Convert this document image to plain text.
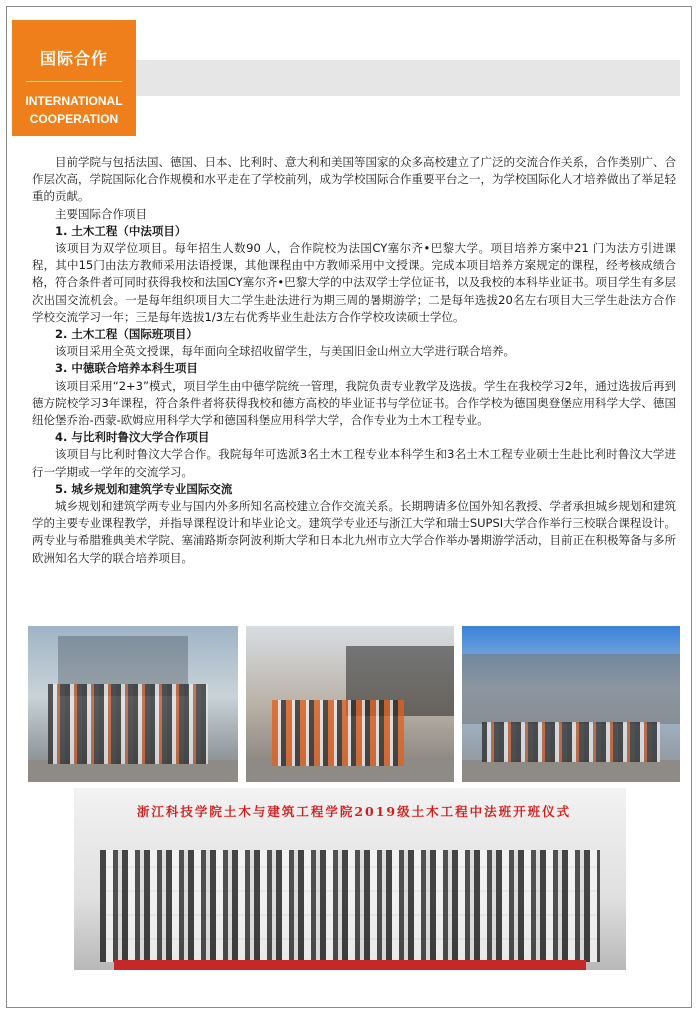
国际合作
INTERNATIONAL
COOPERATION

目前学院与包括法国、德国、日本、比利时、意大利和美国等国家的众多高校建立了广泛的交流合作关系，合作类别广、合作层次高，学院国际化合作规模和水平走在了学校前列，成为学校国际合作重要平台之一，为学校国际化人才培养做出了举足轻重的贡献。

主要国际合作项目

1. 土木工程（中法项目）

该项目为双学位项目。每年招生人数90 人，合作院校为法国CY塞尔齐•巴黎大学。项目培养方案中21 门为法方引进课程，其中15门由法方教师采用法语授课，其他课程由中方教师采用中文授课。完成本项目培养方案规定的课程，经考核成绩合格，符合条件者可同时获得我校和法国CY塞尔齐•巴黎大学的中法双学士学位证书，以及我校的本科毕业证书。项目学生有多层次出国交流机会。一是每年组织项目大二学生赴法进行为期三周的暑期游学；二是每年选拔20名左右项目大三学生赴法方合作学校交流学习一年；三是每年选拔1/3左右优秀毕业生赴法方合作学校攻读硕士学位。

2. 土木工程（国际班项目）

该项目采用全英文授课，每年面向全球招收留学生，与美国旧金山州立大学进行联合培养。

3. 中德联合培养本科生项目

该项目采用“2+3”模式，项目学生由中德学院统一管理，我院负责专业教学及选拔。学生在我校学习2年，通过选拔后再到德方院校学习3年课程，符合条件者将获得我校和德方高校的毕业证书与学位证书。合作学校为德国奥登堡应用科学大学、德国纽伦堡乔治-西蒙-欧姆应用科学大学和德国科堡应用科学大学，合作专业为土木工程专业。

4. 与比利时鲁汶大学合作项目

该项目与比利时鲁汶大学合作。我院每年可选派3名土木工程专业本科学生和3名土木工程专业硕士生赴比利时鲁汶大学进行一学期或一学年的交流学习。

5. 城乡规划和建筑学专业国际交流

城乡规划和建筑学两专业与国内外多所知名高校建立合作交流关系。长期聘请多位国外知名教授、学者承担城乡规划和建筑学的主要专业课程教学，并指导课程设计和毕业论文。建筑学专业还与浙江大学和瑞士SUPSI大学合作举行三校联合课程设计。两专业与希腊雅典美术学院、塞浦路斯奈阿波利斯大学和日本北九州市立大学合作举办暑期游学活动，目前正在积极筹备与多所欧洲知名大学的联合培养项目。

浙江科技学院土木与建筑工程学院2019级土木工程中法班开班仪式
